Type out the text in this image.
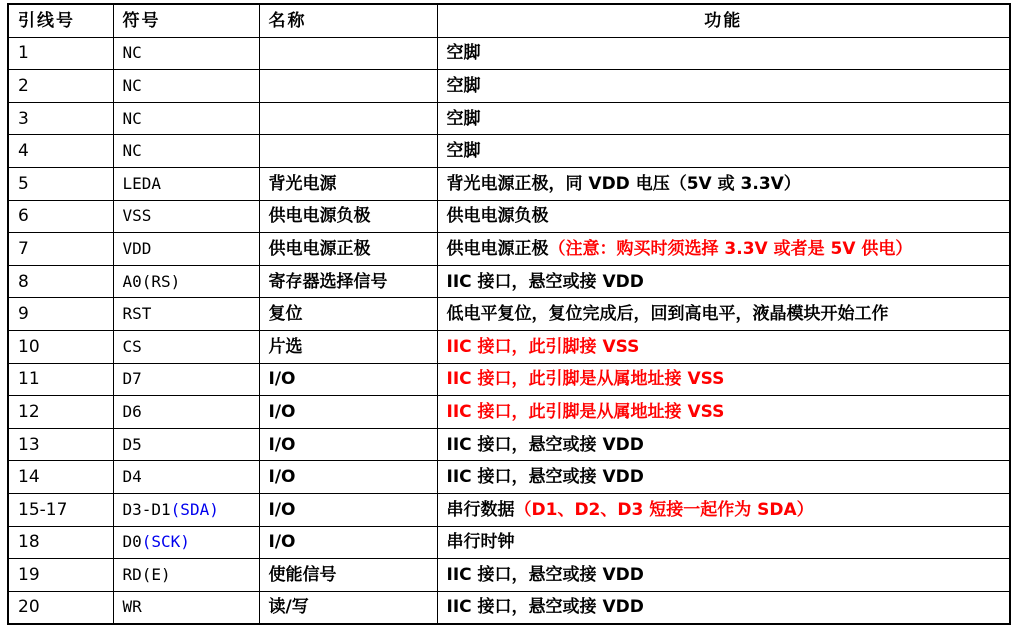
引线号	符号	名称	功能
1	NC		空脚
2	NC		空脚
3	NC		空脚
4	NC		空脚
5	LEDA	背光电源	背光电源正极，同 VDD 电压（5V 或 3.3V）
6	VSS	供电电源负极	供电电源负极
7	VDD	供电电源正极	供电电源正极（注意：购买时须选择 3.3V 或者是 5V 供电）
8	A0(RS)	寄存器选择信号	IIC 接口，悬空或接 VDD
9	RST	复位	低电平复位，复位完成后，回到高电平，液晶模块开始工作
10	CS	片选	IIC 接口，此引脚接 VSS
11	D7	I/O	IIC 接口，此引脚是从属地址接 VSS
12	D6	I/O	IIC 接口，此引脚是从属地址接 VSS
13	D5	I/O	IIC 接口，悬空或接 VDD
14	D4	I/O	IIC 接口，悬空或接 VDD
15-17	D3-D1(SDA)	I/O	串行数据（D1、D2、D3 短接一起作为 SDA）
18	D0(SCK)	I/O	串行时钟
19	RD(E)	使能信号	IIC 接口，悬空或接 VDD
20	WR	读/写	IIC 接口，悬空或接 VDD
